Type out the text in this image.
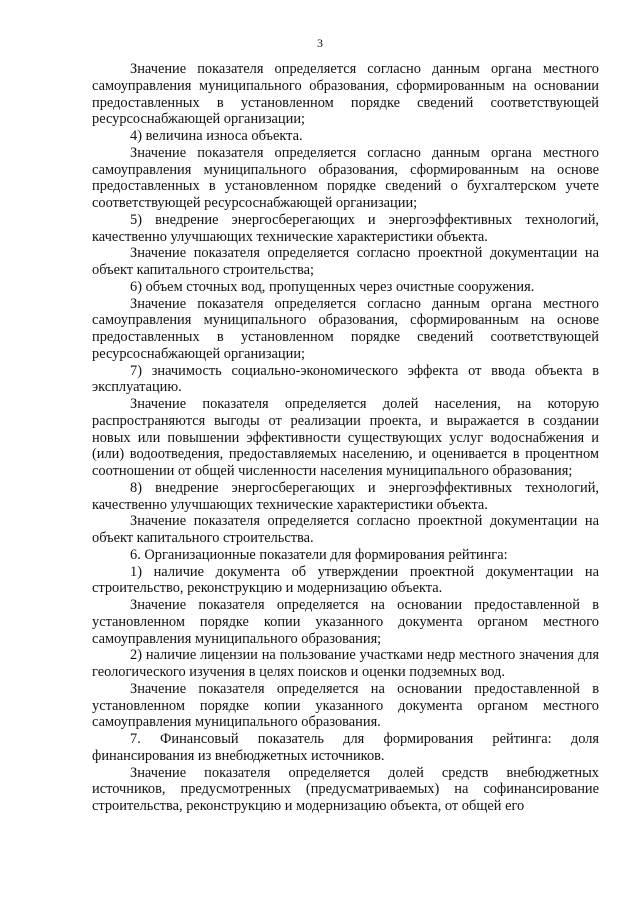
3

Значение показателя определяется согласно данным органа местного самоуправления муниципального образования, сформированным на основании предоставленных в установленном порядке сведений соответствующей ресурсоснабжающей организации;

4) величина износа объекта.

Значение показателя определяется согласно данным органа местного самоуправления муниципального образования, сформированным на основе предоставленных в установленном порядке сведений о бухгалтерском учете соответствующей ресурсоснабжающей организации;

5) внедрение энергосберегающих и энергоэффективных технологий, качественно улучшающих технические характеристики объекта.

Значение показателя определяется согласно проектной документации на объект капитального строительства;

6) объем сточных вод, пропущенных через очистные сооружения.

Значение показателя определяется согласно данным органа местного самоуправления муниципального образования, сформированным на основе предоставленных в установленном порядке сведений соответствующей ресурсоснабжающей организации;

7) значимость социально-экономического эффекта от ввода объекта в эксплуатацию.

Значение показателя определяется долей населения, на которую распространяются выгоды от реализации проекта, и выражается в создании новых или повышении эффективности существующих услуг водоснабжения и (или) водоотведения, предоставляемых населению, и оценивается в процентном соотношении от общей численности населения муниципального образования;

8) внедрение энергосберегающих и энергоэффективных технологий, качественно улучшающих технические характеристики объекта.

Значение показателя определяется согласно проектной документации на объект капитального строительства.

6. Организационные показатели для формирования рейтинга:

1) наличие документа об утверждении проектной документации на строительство, реконструкцию и модернизацию объекта.

Значение показателя определяется на основании предоставленной в установленном порядке копии указанного документа органом местного самоуправления муниципального образования;

2) наличие лицензии на пользование участками недр местного значения для геологического изучения в целях поисков и оценки подземных вод.

Значение показателя определяется на основании предоставленной в установленном порядке копии указанного документа органом местного самоуправления муниципального образования.

7. Финансовый показатель для формирования рейтинга: доля финансирования из внебюджетных источников.

Значение показателя определяется долей средств внебюджетных источников, предусмотренных (предусматриваемых) на софинансирование строительства, реконструкцию и модернизацию объекта, от общей его
